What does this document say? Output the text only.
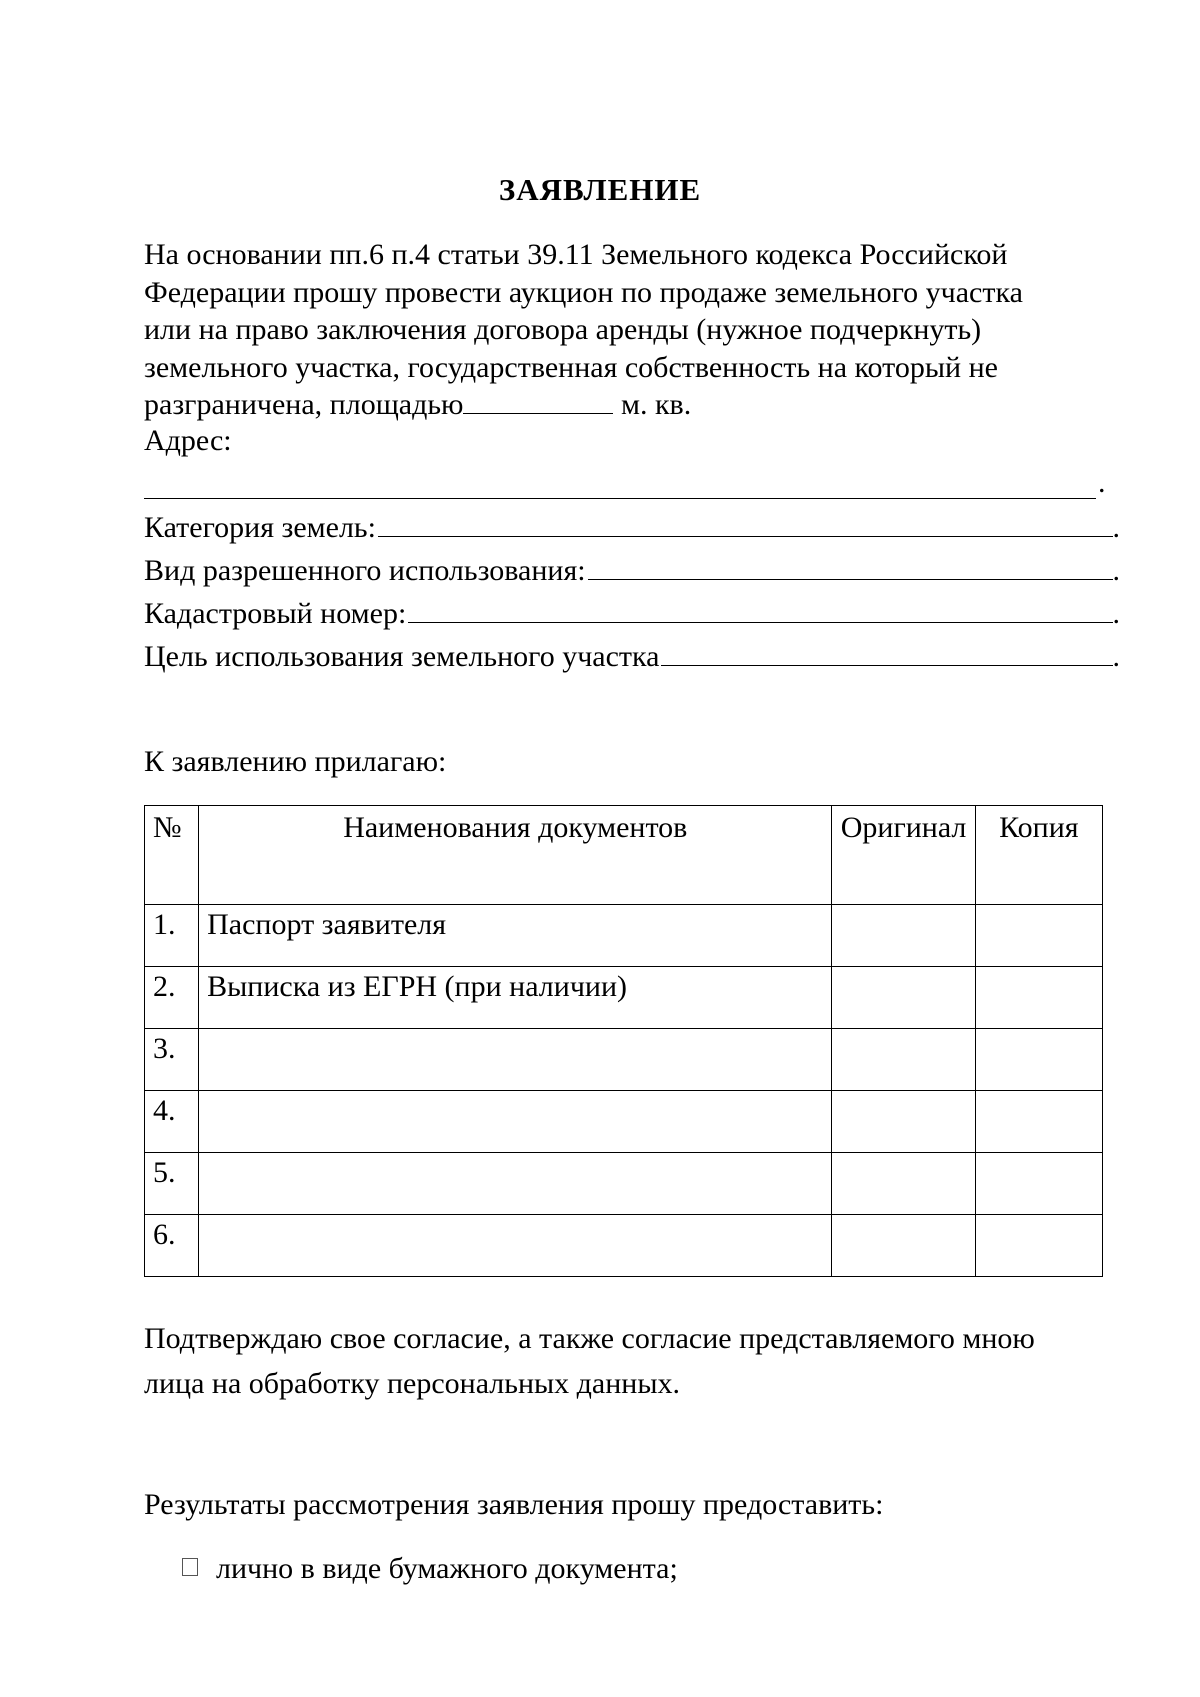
ЗАЯВЛЕНИЕ
На основании пп.6 п.4 статьи 39.11 Земельного кодекса Российской
Федерации прошу провести аукцион по продаже земельного участка
или на право заключения договора аренды (нужное подчеркнуть)
земельного участка, государственная собственность на который не
разграничена, площадью	м. кв.
Адрес:
.
Категория земель:	.
Вид разрешенного использования:	.
Кадастровый номер:	.
Цель использования земельного участка	.
К заявлению прилагаю:
№	Наименования документов	Оригинал	Копия
1.	Паспорт заявителя		
2.	Выписка из ЕГРН (при наличии)		
3.			
4.			
5.			
6.			
Подтверждаю свое согласие, а также согласие представляемого мною
лица на обработку персональных данных.
Результаты рассмотрения заявления прошу предоставить:
лично в виде бумажного документа;
